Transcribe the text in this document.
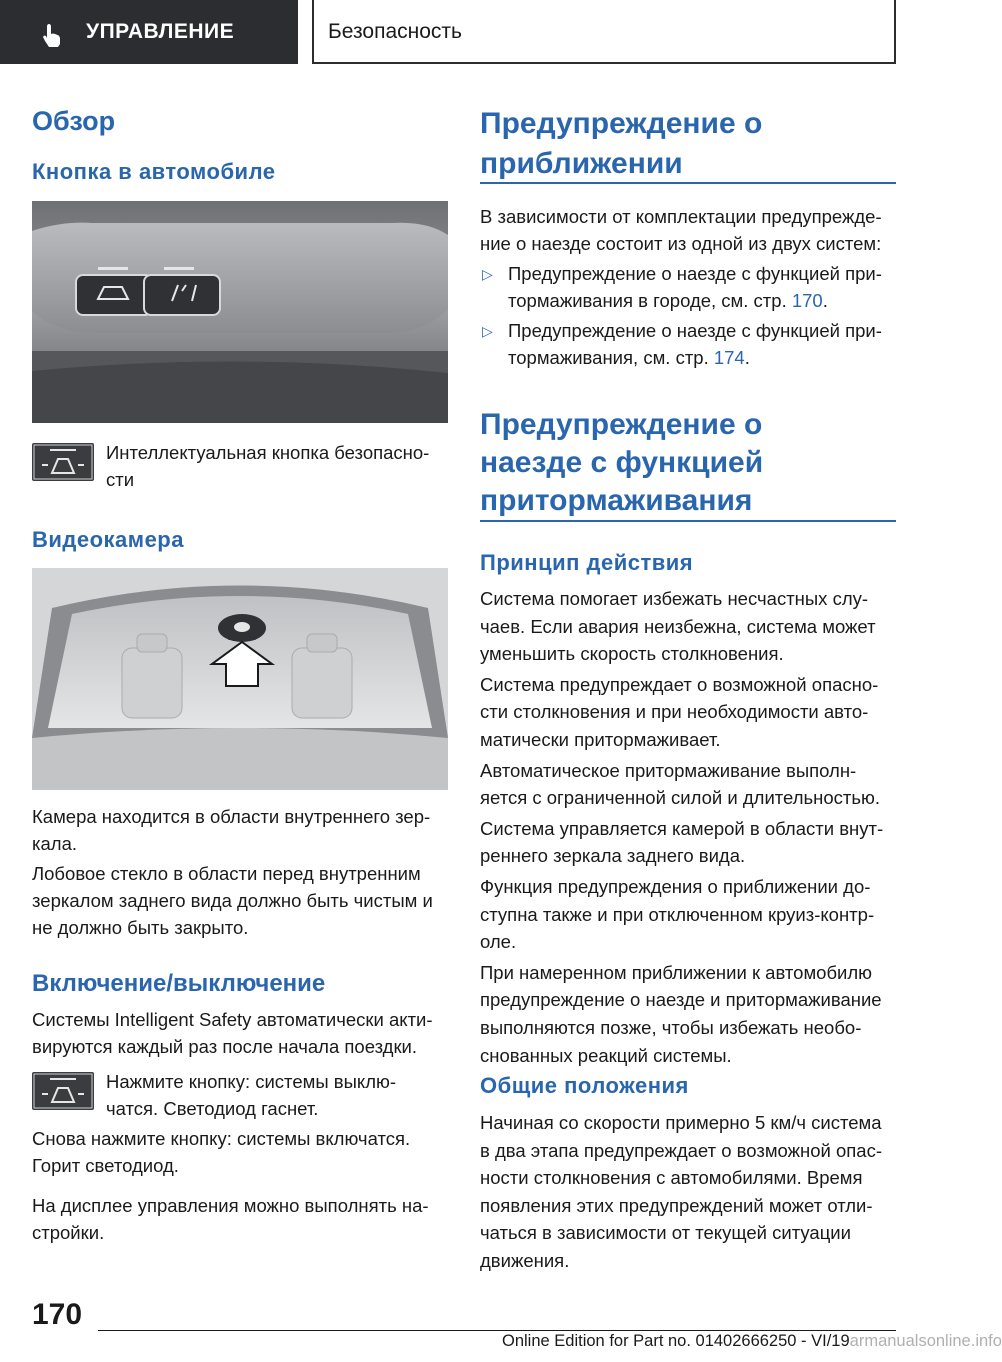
УПРАВЛЕНИЕ	Безопасность
Обзор
Кнопка в автомобиле
Интеллектуальная кнопка безопасно-
сти
Видеокамера
Камера находится в области внутреннего зер-
кала.
Лобовое стекло в области перед внутренним
зеркалом заднего вида должно быть чистым и
не должно быть закрыто.
Включение/выключение
Системы Intelligent Safety автоматически акти-
вируются каждый раз после начала поездки.
Нажмите кнопку: системы выклю-
чатся. Светодиод гаснет.
Снова нажмите кнопку: системы включатся.
Горит светодиод.
На дисплее управления можно выполнять на-
стройки.
Предупреждение о
приближении
В зависимости от комплектации предупрежде-
ние о наезде состоит из одной из двух систем:
▷ Предупреждение о наезде с функцией при-
тормаживания в городе, см. стр. 170.
▷ Предупреждение о наезде с функцией при-
тормаживания, см. стр. 174.
Предупреждение о
наезде с функцией
притормаживания
Принцип действия
Система помогает избежать несчастных слу-
чаев. Если авария неизбежна, система может
уменьшить скорость столкновения.
Система предупреждает о возможной опасно-
сти столкновения и при необходимости авто-
матически притормаживает.
Автоматическое притормаживание выполн-
яется с ограниченной силой и длительностью.
Система управляется камерой в области внут-
реннего зеркала заднего вида.
Функция предупреждения о приближении до-
ступна также и при отключенном круиз-контр-
оле.
При намеренном приближении к автомобилю
предупреждение о наезде и притормаживание
выполняются позже, чтобы избежать необо-
снованных реакций системы.
Общие положения
Начиная со скорости примерно 5 км/ч система
в два этапа предупреждает о возможной опас-
ности столкновения с автомобилями. Время
появления этих предупреждений может отли-
чаться в зависимости от текущей ситуации
движения.
170
Online Edition for Part no. 01402666250 - VI/19armanualsonline.info
